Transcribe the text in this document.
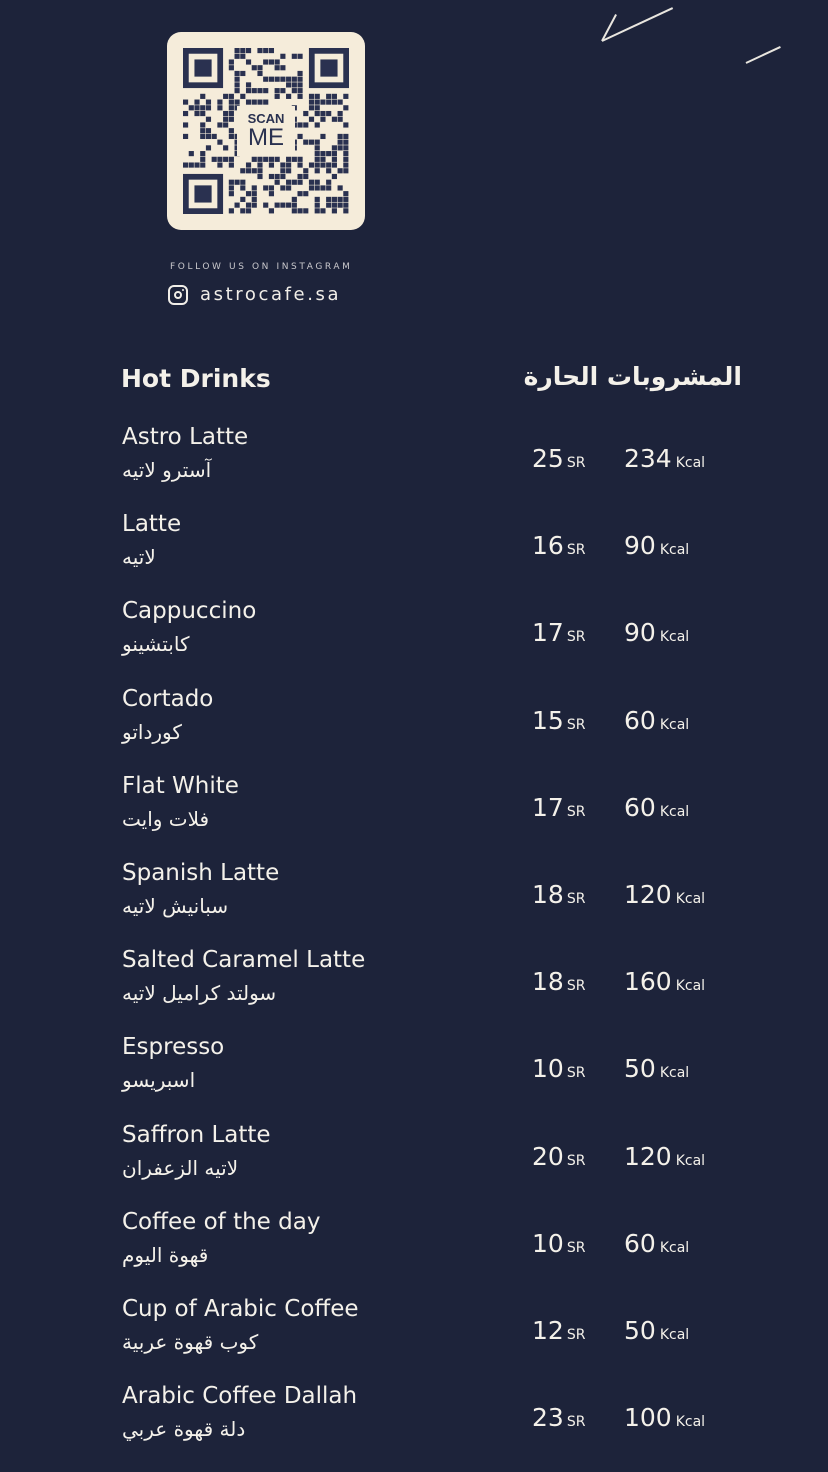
SCAN
ME
FOLLOW US ON INSTAGRAM
astrocafe.sa
Hot Drinks	المشروبات الحارة
Astro Latte
آسترو لاتيه	25 SR 234 Kcal
Latte
لاتيه	16 SR 90 Kcal
Cappuccino
كابتشينو	17 SR 90 Kcal
Cortado
كورداتو	15 SR 60 Kcal
Flat White
فلات وايت	17 SR 60 Kcal
Spanish Latte
سبانيش لاتيه	18 SR 120 Kcal
Salted Caramel Latte
سولتد كراميل لاتيه	18 SR 160 Kcal
Espresso
اسبريسو	10 SR 50 Kcal
Saffron Latte
لاتيه الزعفران	20 SR 120 Kcal
Coffee of the day
قهوة اليوم	10 SR 60 Kcal
Cup of Arabic Coffee
كوب قهوة عربية	12 SR 50 Kcal
Arabic Coffee Dallah
دلة قهوة عربي	23 SR 100 Kcal
